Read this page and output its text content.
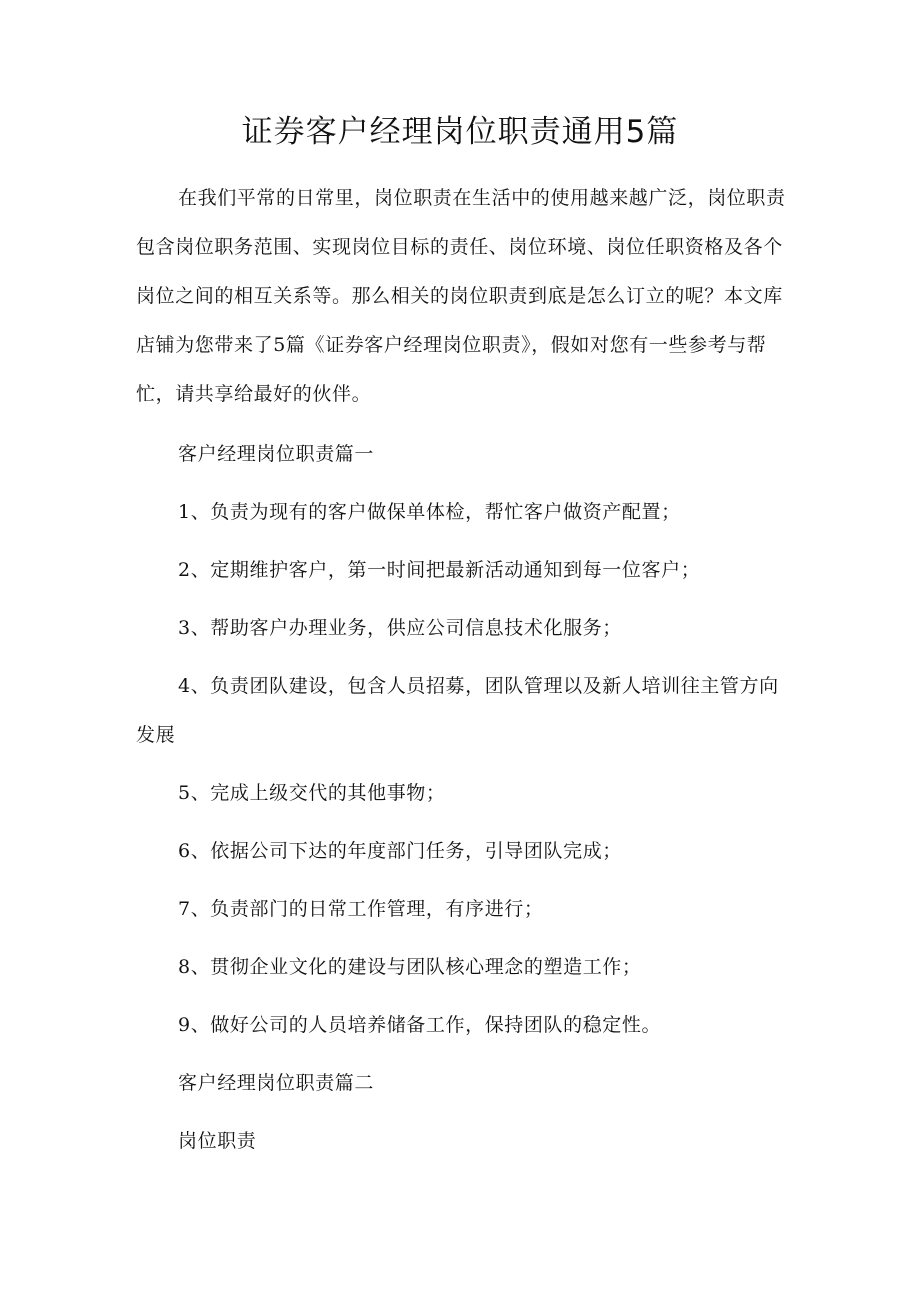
证券客户经理岗位职责通用5篇

在我们平常的日常里，岗位职责在生活中的使用越来越广泛，岗位职责包含岗位职务范围、实现岗位目标的责任、岗位环境、岗位任职资格及各个岗位之间的相互关系等。那么相关的岗位职责到底是怎么订立的呢？本文库店铺为您带来了5篇《证券客户经理岗位职责》，假如对您有一些参考与帮忙，请共享给最好的伙伴。

客户经理岗位职责篇一

1、负责为现有的客户做保单体检，帮忙客户做资产配置；

2、定期维护客户，第一时间把最新活动通知到每一位客户；

3、帮助客户办理业务，供应公司信息技术化服务；

4、负责团队建设，包含人员招募，团队管理以及新人培训往主管方向发展

5、完成上级交代的其他事物；

6、依据公司下达的年度部门任务，引导团队完成；

7、负责部门的日常工作管理，有序进行；

8、贯彻企业文化的建设与团队核心理念的塑造工作；

9、做好公司的人员培养储备工作，保持团队的稳定性。

客户经理岗位职责篇二

岗位职责
